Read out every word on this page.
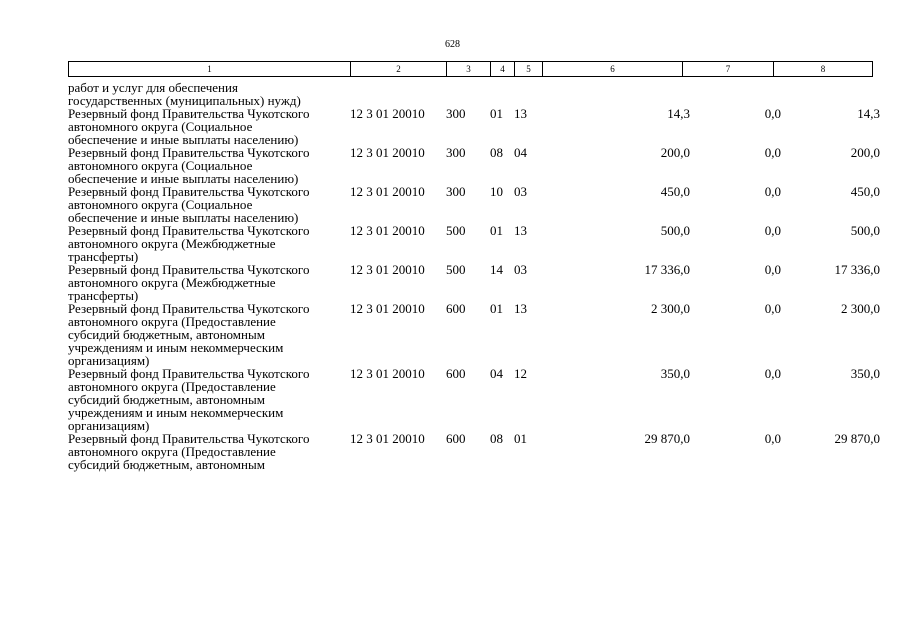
628
1	2	3	4	5	6	7	8
работ и услуг для обеспечения
государственных (муниципальных) нужд)							
Резервный фонд Правительства Чукотского
автономного округа (Социальное
обеспечение и иные выплаты населению)	12 3 01 20010	300	01	13	14,3	0,0	14,3
Резервный фонд Правительства Чукотского
автономного округа (Социальное
обеспечение и иные выплаты населению)	12 3 01 20010	300	08	04	200,0	0,0	200,0
Резервный фонд Правительства Чукотского
автономного округа (Социальное
обеспечение и иные выплаты населению)	12 3 01 20010	300	10	03	450,0	0,0	450,0
Резервный фонд Правительства Чукотского
автономного округа (Межбюджетные
трансферты)	12 3 01 20010	500	01	13	500,0	0,0	500,0
Резервный фонд Правительства Чукотского
автономного округа (Межбюджетные
трансферты)	12 3 01 20010	500	14	03	17 336,0	0,0	17 336,0
Резервный фонд Правительства Чукотского
автономного округа (Предоставление
субсидий бюджетным, автономным
учреждениям и иным некоммерческим
организациям)	12 3 01 20010	600	01	13	2 300,0	0,0	2 300,0
Резервный фонд Правительства Чукотского
автономного округа (Предоставление
субсидий бюджетным, автономным
учреждениям и иным некоммерческим
организациям)	12 3 01 20010	600	04	12	350,0	0,0	350,0
Резервный фонд Правительства Чукотского
автономного округа (Предоставление
субсидий бюджетным, автономным	12 3 01 20010	600	08	01	29 870,0	0,0	29 870,0
